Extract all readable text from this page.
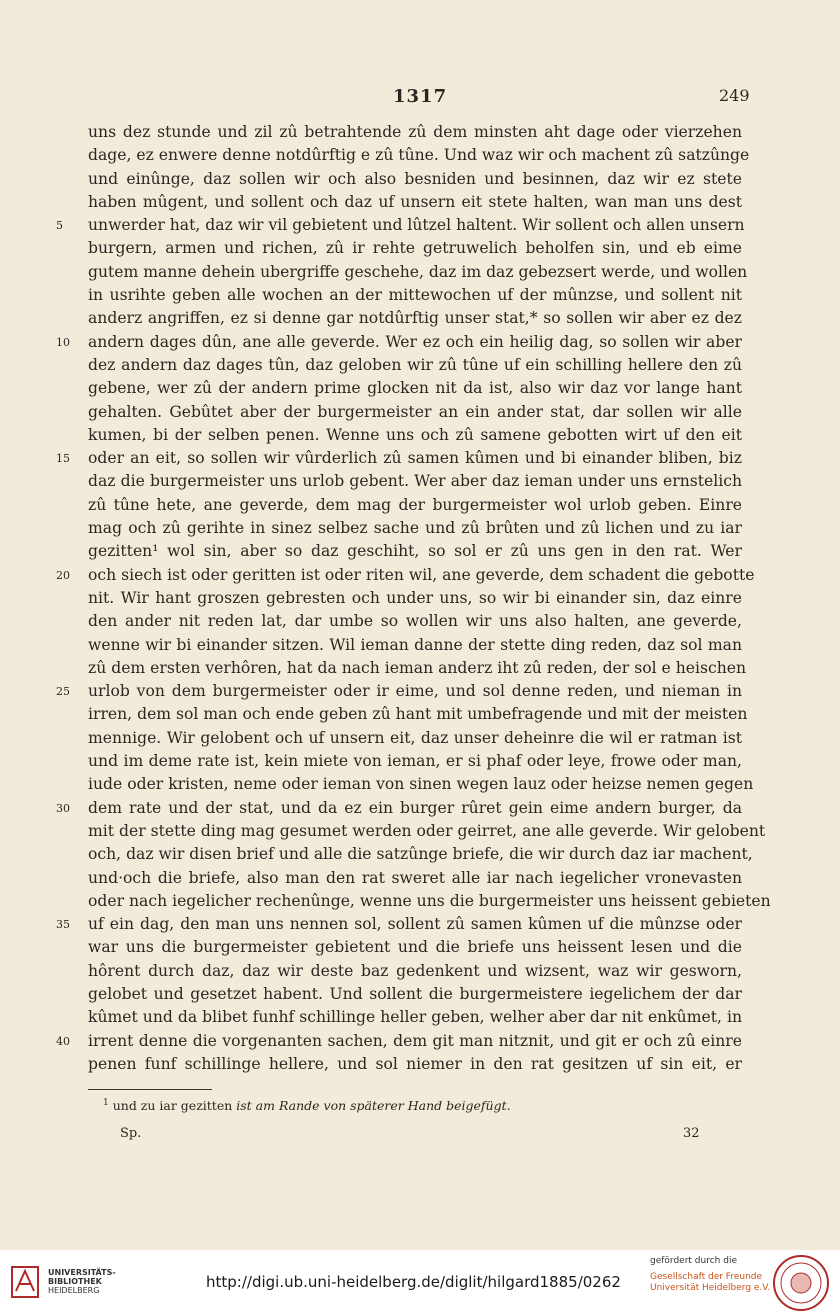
1317	249
uns dez stunde und zil zû betrahtende zû dem minsten aht dage oder vierzehen
dage, ez enwere denne notdûrftig e zû tûne. Und waz wir och machent zû satzûnge
und einûnge, daz sollen wir och also besniden und besinnen, daz wir ez stete
haben mûgent, und sollent och daz uf unsern eit stete halten, wan man uns dest
5	unwerder hat, daz wir vil gebietent und lûtzel haltent. Wir sollent och allen unsern
burgern, armen und richen, zû ir rehte getruwelich beholfen sin, und eb eime
gutem manne dehein ubergriffe geschehe, daz im daz gebezsert werde, und wollen
in usrihte geben alle wochen an der mittewochen uf der mûnzse, und sollent nit
anderz angriffen, ez si denne gar notdûrftig unser stat,* so sollen wir aber ez dez
10	andern dages dûn, ane alle geverde. Wer ez och ein heilig dag, so sollen wir aber
dez andern daz dages tûn, daz geloben wir zû tûne uf ein schilling hellere den zû
gebene, wer zû der andern prime glocken nit da ist, also wir daz vor lange hant
gehalten. Gebûtet aber der burgermeister an ein ander stat, dar sollen wir alle
kumen, bi der selben penen. Wenne uns och zû samene gebotten wirt uf den eit
15	oder an eit, so sollen wir vûrderlich zû samen kûmen und bi einander bliben, biz
daz die burgermeister uns urlob gebent. Wer aber daz ieman under uns ernstelich
zû tûne hete, ane geverde, dem mag der burgermeister wol urlob geben. Einre
mag och zû gerihte in sinez selbez sache und zû brûten und zû lichen und zu iar
gezitten¹ wol sin, aber so daz geschiht, so sol er zû uns gen in den rat. Wer
20	och siech ist oder geritten ist oder riten wil, ane geverde, dem schadent die gebotte
nit. Wir hant groszen gebresten och under uns, so wir bi einander sin, daz einre
den ander nit reden lat, dar umbe so wollen wir uns also halten, ane geverde,
wenne wir bi einander sitzen. Wil ieman danne der stette ding reden, daz sol man
zû dem ersten verhôren, hat da nach ieman anderz iht zû reden, der sol e heischen
25	urlob von dem burgermeister oder ir eime, und sol denne reden, und nieman in
irren, dem sol man och ende geben zû hant mit umbefragende und mit der meisten
mennige. Wir gelobent och uf unsern eit, daz unser deheinre die wil er ratman ist
und im deme rate ist, kein miete von ieman, er si phaf oder leye, frowe oder man,
iude oder kristen, neme oder ieman von sinen wegen lauz oder heizse nemen gegen
30	dem rate und der stat, und da ez ein burger rûret gein eime andern burger, da
mit der stette ding mag gesumet werden oder geirret, ane alle geverde. Wir gelobent
och, daz wir disen brief und alle die satzûnge briefe, die wir durch daz iar machent,
und·och die briefe, also man den rat sweret alle iar nach iegelicher vronevasten
oder nach iegelicher rechenûnge, wenne uns die burgermeister uns heissent gebieten
35	uf ein dag, den man uns nennen sol, sollent zû samen kûmen uf die mûnzse oder
war uns die burgermeister gebietent und die briefe uns heissent lesen und die
hôrent durch daz, daz wir deste baz gedenkent und wizsent, waz wir gesworn,
gelobet und gesetzet habent. Und sollent die burgermeistere iegelichem der dar
kûmet und da blibet funhf schillinge heller geben, welher aber dar nit enkûmet, in
40	irrent denne die vorgenanten sachen, dem git man nitznit, und git er och zû einre
penen funf schillinge hellere, und sol niemer in den rat gesitzen uf sin eit, er
$^1$ und zu iar gezitten ist am Rande von späterer Hand beigefügt.
Sp.	32
UNIVERSITÄTS-
BIBLIOTHEK
HEIDELBERG	http://digi.ub.uni-heidelberg.de/diglit/hilgard1885/0262
gefördert durch die
Gesellschaft der Freunde
Universität Heidelberg e.V.
